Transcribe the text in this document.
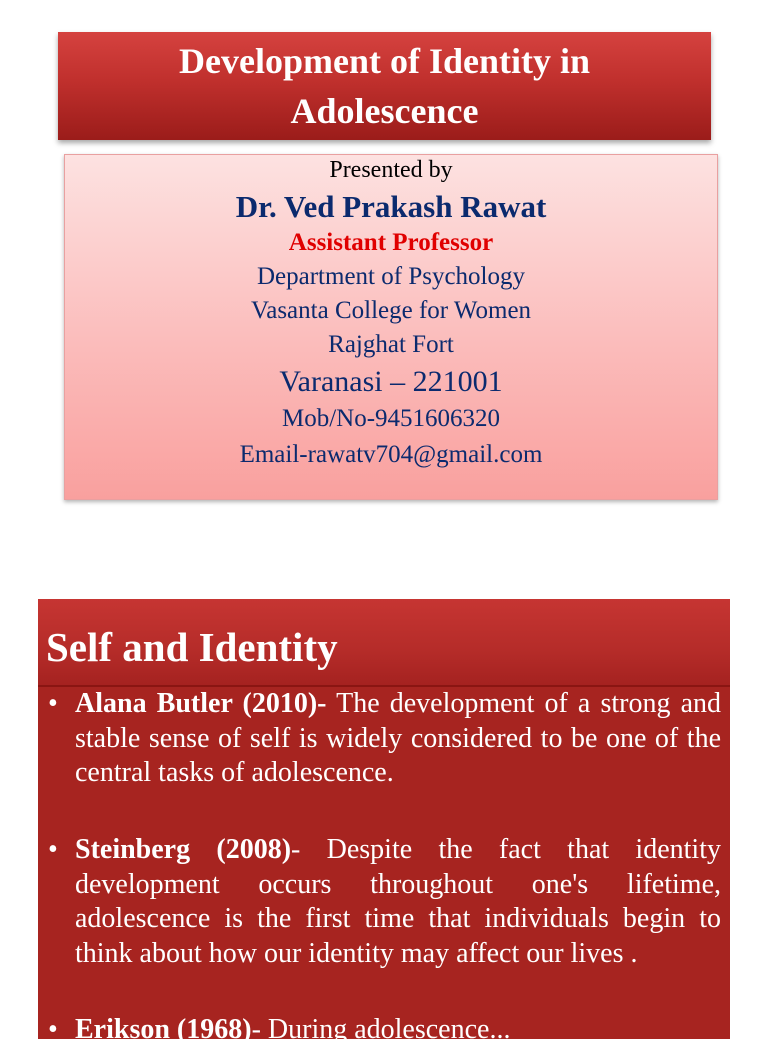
Development of Identity in
Adolescence
Presented by
Dr. Ved Prakash Rawat
Assistant Professor
Department of Psychology
Vasanta College for Women
Rajghat Fort
Varanasi – 221001
Mob/No-9451606320
Email-rawatv704@gmail.com
Self and Identity
• Alana Butler (2010)- The development of a strong and stable sense of self is widely considered to be one of the central tasks of adolescence.
• Steinberg (2008)- Despite the fact that identity development occurs throughout one's lifetime, adolescence is the first time that individuals begin to think about how our identity may affect our lives .
• Erikson (1968)- During adolescence...
